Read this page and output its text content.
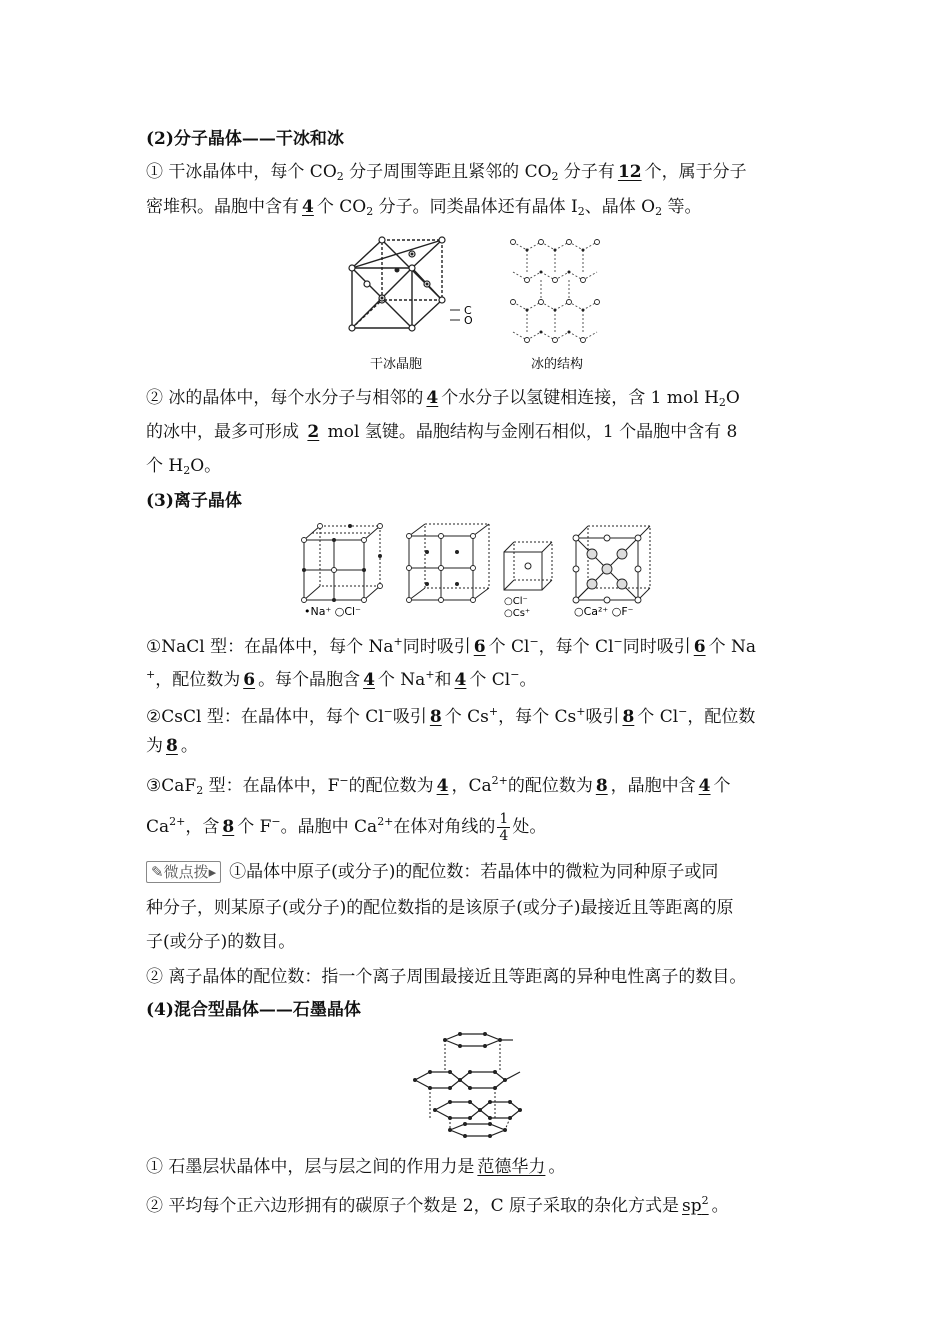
(2)分子晶体——干冰和冰
① 干冰晶体中，每个 $CO_2$ 分子周围等距且紧邻的 $CO_2$ 分子有 12 个，属于分子
密堆积。晶胞中含有 4 个 $CO_2$ 分子。同类晶体还有晶体 $I_2$、晶体 $O_2$ 等。
C
O
干冰晶胞	冰的结构
② 冰的晶体中，每个水分子与相邻的 4 个水分子以氢键相连接，含 1 mol $H_2O$
的冰中，最多可形成 2 mol 氢键。晶胞结构与金刚石相似，1 个晶胞中含有 8
个 $H_2O$。
(3)离子晶体
•Na⁺ ○Cl⁻
○Cl⁻
○Cs⁺	○Ca²⁺ ○F⁻
①NaCl 型：在晶体中，每个 Na+同时吸引 6 个 Cl−，每个 Cl−同时吸引 6 个 Na
+，配位数为 6 。每个晶胞含 4 个 Na+和 4 个 Cl−。
②CsCl 型：在晶体中，每个 Cl−吸引 8 个 Cs+，每个 Cs+吸引 8 个 Cl−，配位数
为 8 。
③CaF$_2$ 型：在晶体中，F−的配位数为 4 ，$Ca^{2+}$的配位数为 8 ，晶胞中含 4 个
$Ca^{2+}$，含 8 个 F−。晶胞中 $Ca^{2+}$在体对角线的 $\frac{1}{4}$ 处。
✎微点拨▸ ①晶体中原子(或分子)的配位数：若晶体中的微粒为同种原子或同
种分子，则某原子(或分子)的配位数指的是该原子(或分子)最接近且等距离的原
子(或分子)的数目。
② 离子晶体的配位数：指一个离子周围最接近且等距离的异种电性离子的数目。
(4)混合型晶体——石墨晶体
① 石墨层状晶体中，层与层之间的作用力是 范德华力 。
② 平均每个正六边形拥有的碳原子个数是 2，C 原子采取的杂化方式是 $sp^2$ 。
